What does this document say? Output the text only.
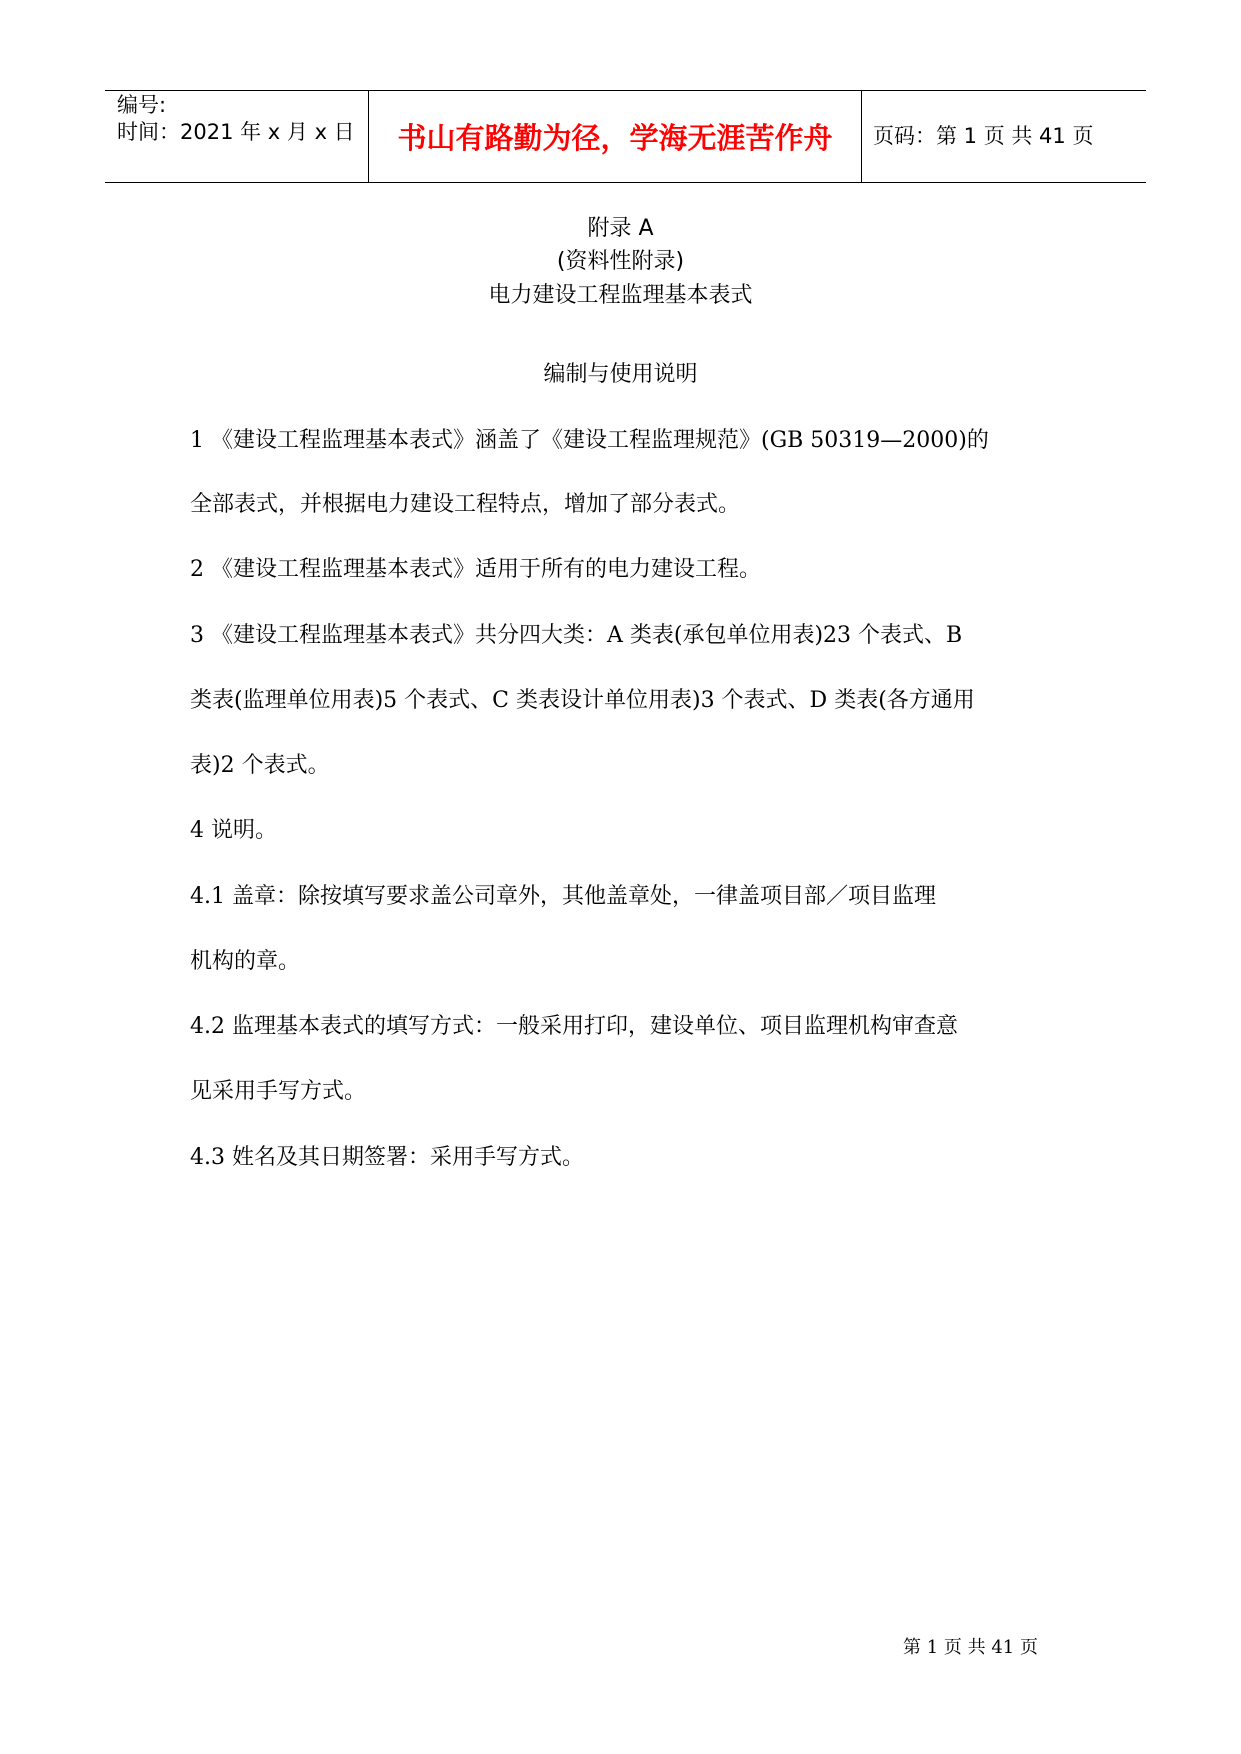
编号:
时间：2021 年 x 月 x 日	书山有路勤为径，学海无涯苦作舟	页码：第 1 页 共 41 页
附录 A
(资料性附录)
电力建设工程监理基本表式
编制与使用说明
1 《建设工程监理基本表式》涵盖了《建设工程监理规范》(GB 50319—2000)的
全部表式，并根据电力建设工程特点，增加了部分表式。
2 《建设工程监理基本表式》适用于所有的电力建设工程。
3 《建设工程监理基本表式》共分四大类：A 类表(承包单位用表)23 个表式、B
类表(监理单位用表)5 个表式、C 类表设计单位用表)3 个表式、D 类表(各方通用
表)2 个表式。
4 说明。
4.1 盖章：除按填写要求盖公司章外，其他盖章处，一律盖项目部／项目监理
机构的章。
4.2 监理基本表式的填写方式：一般采用打印，建设单位、项目监理机构审查意
见采用手写方式。
4.3 姓名及其日期签署：采用手写方式。
第 1 页 共 41 页
